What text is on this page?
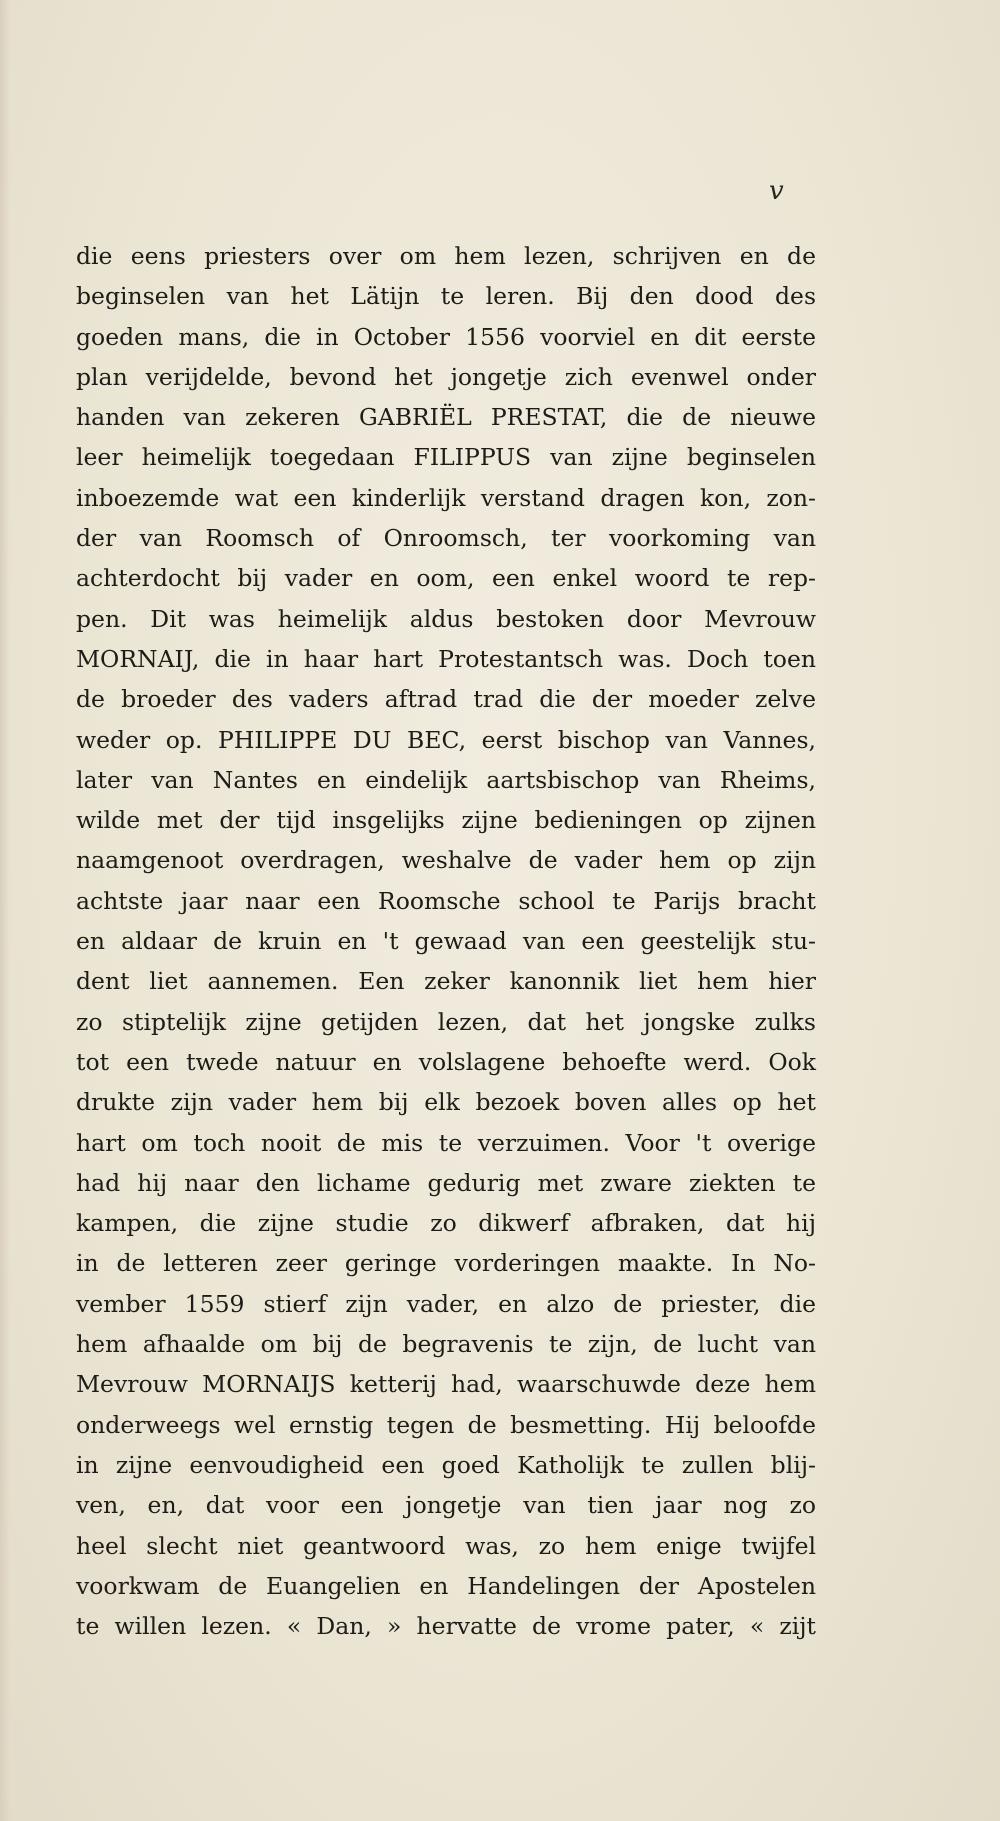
v
die eens priesters over om hem lezen, schrijven en de
beginselen van het Lätijn te leren. Bij den dood des
goeden mans, die in October 1556 voorviel en dit eerste
plan verijdelde, bevond het jongetje zich evenwel onder
handen van zekeren GABRIËL PRESTAT, die de nieuwe
leer heimelijk toegedaan FILIPPUS van zijne beginselen
inboezemde wat een kinderlijk verstand dragen kon, zon-
der van Roomsch of Onroomsch, ter voorkoming van
achterdocht bij vader en oom, een enkel woord te rep-
pen. Dit was heimelijk aldus bestoken door Mevrouw
MORNAIJ, die in haar hart Protestantsch was. Doch toen
de broeder des vaders aftrad trad die der moeder zelve
weder op. PHILIPPE DU BEC, eerst bischop van Vannes,
later van Nantes en eindelijk aartsbischop van Rheims,
wilde met der tijd insgelijks zijne bedieningen op zijnen
naamgenoot overdragen, weshalve de vader hem op zijn
achtste jaar naar een Roomsche school te Parijs bracht
en aldaar de kruin en 't gewaad van een geestelijk stu-
dent liet aannemen. Een zeker kanonnik liet hem hier
zo stiptelijk zijne getijden lezen, dat het jongske zulks
tot een twede natuur en volslagene behoefte werd. Ook
drukte zijn vader hem bij elk bezoek boven alles op het
hart om toch nooit de mis te verzuimen. Voor 't overige
had hij naar den lichame gedurig met zware ziekten te
kampen, die zijne studie zo dikwerf afbraken, dat hij
in de letteren zeer geringe vorderingen maakte. In No-
vember 1559 stierf zijn vader, en alzo de priester, die
hem afhaalde om bij de begravenis te zijn, de lucht van
Mevrouw MORNAIJS ketterij had, waarschuwde deze hem
onderweegs wel ernstig tegen de besmetting. Hij beloofde
in zijne eenvoudigheid een goed Katholijk te zullen blij-
ven, en, dat voor een jongetje van tien jaar nog zo
heel slecht niet geantwoord was, zo hem enige twijfel
voorkwam de Euangelien en Handelingen der Apostelen
te willen lezen. « Dan, » hervatte de vrome pater, « zijt
